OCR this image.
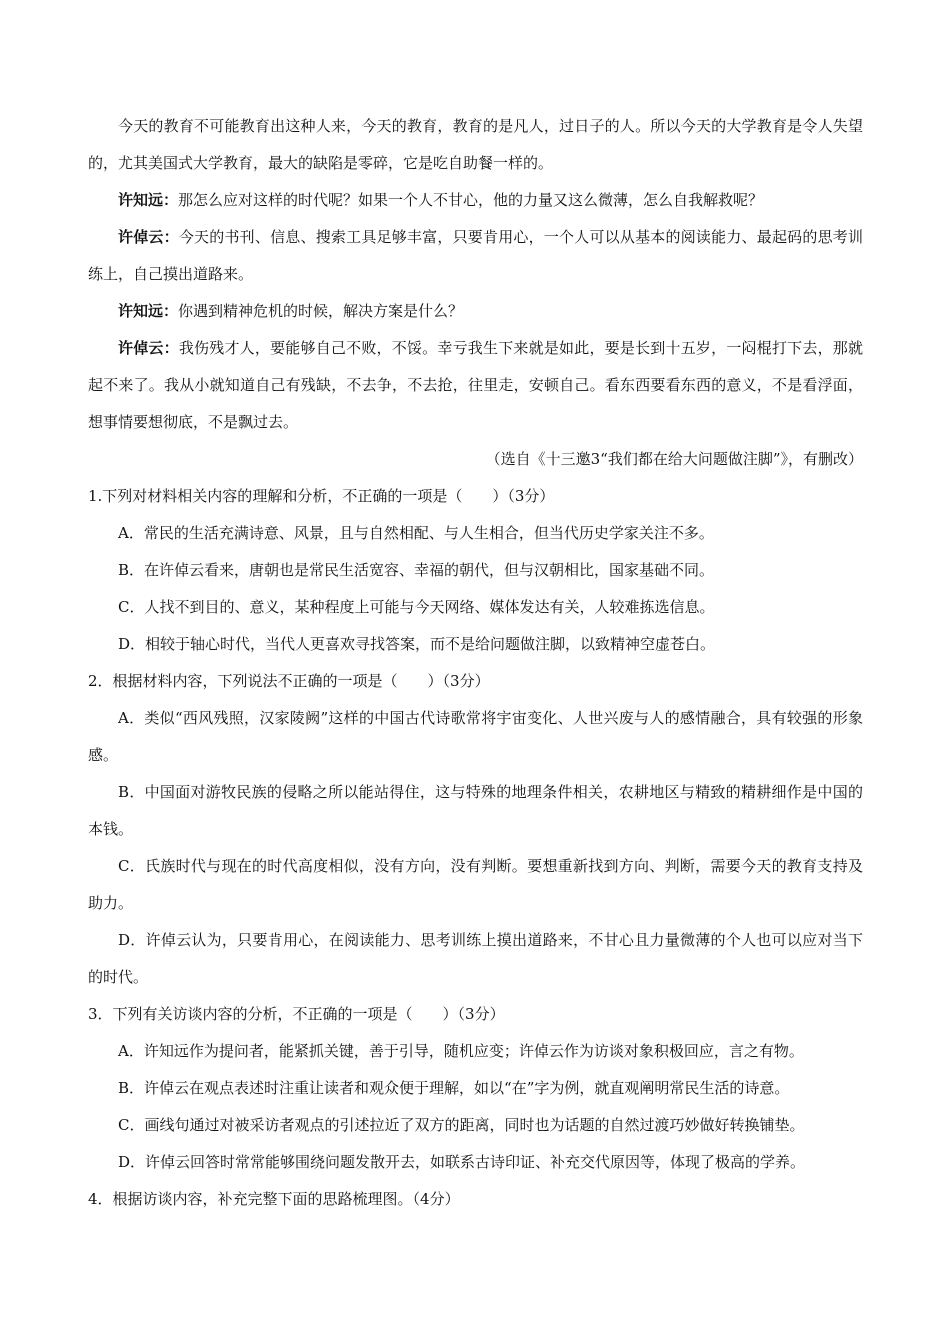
今天的教育不可能教育出这种人来，今天的教育，教育的是凡人，过日子的人。所以今天的大学教育是令人失望的，尤其美国式大学教育，最大的缺陷是零碎，它是吃自助餐一样的。

许知远：那怎么应对这样的时代呢？如果一个人不甘心，他的力量又这么微薄，怎么自我解救呢？

许倬云：今天的书刊、信息、搜索工具足够丰富，只要肯用心，一个人可以从基本的阅读能力、最起码的思考训练上，自己摸出道路来。

许知远：你遇到精神危机的时候，解决方案是什么？

许倬云：我伤残才人，要能够自己不败，不馁。幸亏我生下来就是如此，要是长到十五岁，一闷棍打下去，那就起不来了。我从小就知道自己有残缺，不去争，不去抢，往里走，安顿自己。看东西要看东西的意义，不是看浮面，想事情要想彻底，不是飘过去。

（选自《十三邀3“我们都在给大问题做注脚”》，有删改）

1.下列对材料相关内容的理解和分析，不正确的一项是（　　）（3分）

A．常民的生活充满诗意、风景，且与自然相配、与人生相合，但当代历史学家关注不多。

B．在许倬云看来，唐朝也是常民生活宽容、幸福的朝代，但与汉朝相比，国家基础不同。

C．人找不到目的、意义，某种程度上可能与今天网络、媒体发达有关，人较难拣选信息。

D．相较于轴心时代，当代人更喜欢寻找答案，而不是给问题做注脚，以致精神空虚苍白。

2．根据材料内容，下列说法不正确的一项是（　　）（3分）

A．类似“西风残照，汉家陵阙”这样的中国古代诗歌常将宇宙变化、人世兴废与人的感情融合，具有较强的形象感。

B．中国面对游牧民族的侵略之所以能站得住，这与特殊的地理条件相关，农耕地区与精致的精耕细作是中国的本钱。

C．氏族时代与现在的时代高度相似，没有方向，没有判断。要想重新找到方向、判断，需要今天的教育支持及助力。

D．许倬云认为，只要肯用心，在阅读能力、思考训练上摸出道路来，不甘心且力量微薄的个人也可以应对当下的时代。

3．下列有关访谈内容的分析，不正确的一项是（　　）（3分）

A．许知远作为提问者，能紧抓关键，善于引导，随机应变；许倬云作为访谈对象积极回应，言之有物。

B．许倬云在观点表述时注重让读者和观众便于理解，如以“在”字为例，就直观阐明常民生活的诗意。

C．画线句通过对被采访者观点的引述拉近了双方的距离，同时也为话题的自然过渡巧妙做好转换铺垫。

D．许倬云回答时常常能够围绕问题发散开去，如联系古诗印证、补充交代原因等，体现了极高的学养。

4．根据访谈内容，补充完整下面的思路梳理图。（4分）
